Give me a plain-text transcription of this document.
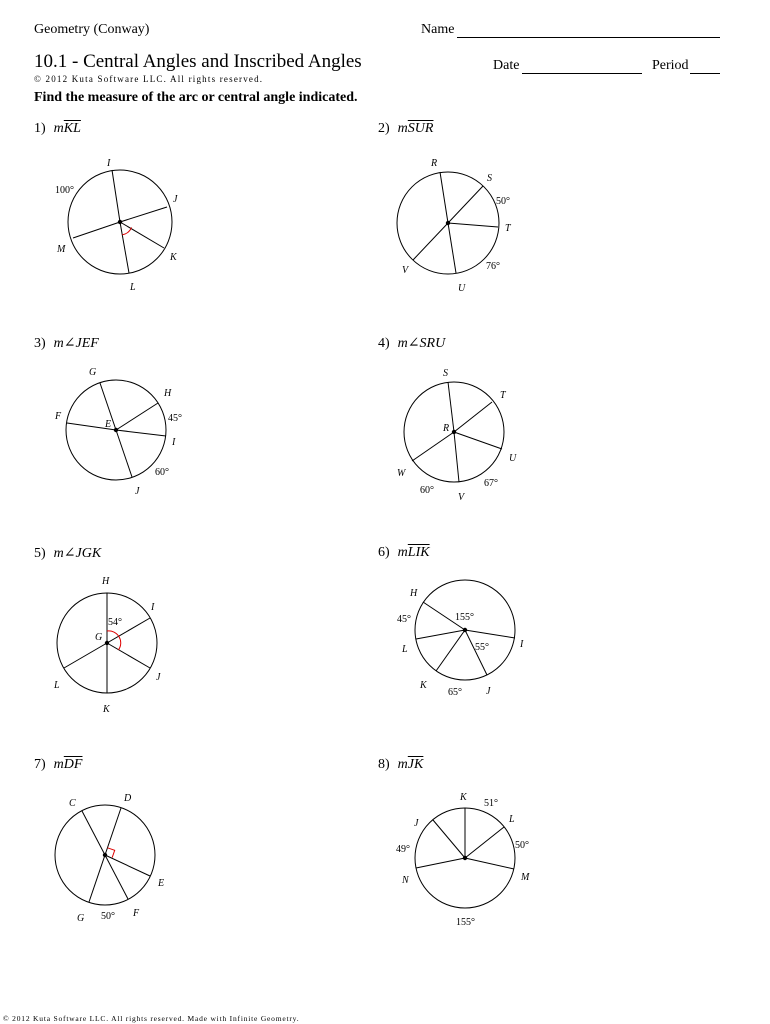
Geometry (Conway)	Name
10.1 - Central Angles and Inscribed Angles
© 2012 Kuta Software LLC. All rights reserved.
Date	Period
Find the measure of the arc or central angle indicated.
1) $m\overline{KL}$	2) $m\overline{SUR}$
3) m∠JEF	4) m∠SRU
5) m∠JGK	6) $m\overline{LIK}$
7) $m\overline{DF}$	8) $m\overline{JK}$
I
J
K
L
M
100°
R
S
T
U
V
50°
76°
G
H
F
E
I
J
45°
60°
S
T
R
U
W
V
60°
67°
H
I
G
L
J
K
54°
H
L	I
K
J
45°	155°
55°
65°
C	D
E
G	F
50°
K
J	L
N	M
51°
50°
49°
155°
© 2012 Kuta Software LLC. All rights reserved. Made with Infinite Geometry.
